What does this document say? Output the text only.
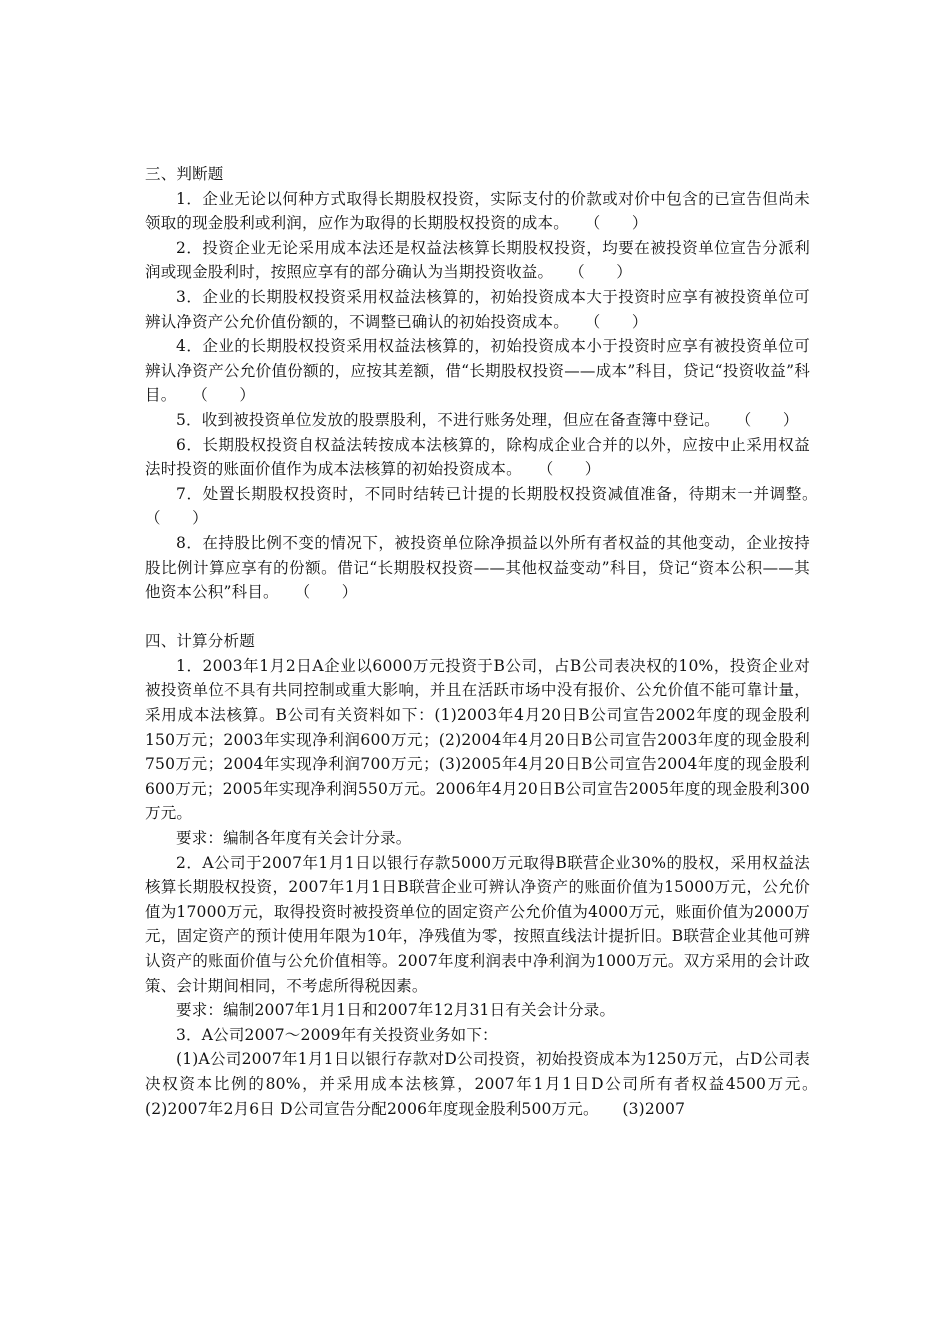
三、判断题

1．企业无论以何种方式取得长期股权投资，实际支付的价款或对价中包含的已宣告但尚未领取的现金股利或利润，应作为取得的长期股权投资的成本。　　（　　）

2．投资企业无论采用成本法还是权益法核算长期股权投资，均要在被投资单位宣告分派利润或现金股利时，按照应享有的部分确认为当期投资收益。　　（　　）

3．企业的长期股权投资采用权益法核算的，初始投资成本大于投资时应享有被投资单位可辨认净资产公允价值份额的，不调整已确认的初始投资成本。　　（　　）

4．企业的长期股权投资采用权益法核算的，初始投资成本小于投资时应享有被投资单位可辨认净资产公允价值份额的，应按其差额，借“长期股权投资——成本”科目，贷记“投资收益”科目。　　（　　）

5．收到被投资单位发放的股票股利，不进行账务处理，但应在备查簿中登记。　　（　　）

6．长期股权投资自权益法转按成本法核算的，除构成企业合并的以外，应按中止采用权益法时投资的账面价值作为成本法核算的初始投资成本。　　（　　）

7．处置长期股权投资时，不同时结转已计提的长期股权投资减值准备，待期末一并调整。　　（　　）

8．在持股比例不变的情况下，被投资单位除净损益以外所有者权益的其他变动，企业按持股比例计算应享有的份额。借记“长期股权投资——其他权益变动”科目，贷记“资本公积——其他资本公积”科目。　　（　　）

四、计算分析题

1．2003年1月2日A企业以6000万元投资于B公司，占B公司表决权的10%，投资企业对被投资单位不具有共同控制或重大影响，并且在活跃市场中没有报价、公允价值不能可靠计量，采用成本法核算。B公司有关资料如下：(1)2003年4月20日B公司宣告2002年度的现金股利150万元；2003年实现净利润600万元；(2)2004年4月20日B公司宣告2003年度的现金股利750万元；2004年实现净利润700万元；(3)2005年4月20日B公司宣告2004年度的现金股利600万元；2005年实现净利润550万元。2006年4月20日B公司宣告2005年度的现金股利300万元。

要求：编制各年度有关会计分录。

2．A公司于2007年1月1日以银行存款5000万元取得B联营企业30%的股权，采用权益法核算长期股权投资，2007年1月1日B联营企业可辨认净资产的账面价值为15000万元，公允价值为17000万元，取得投资时被投资单位的固定资产公允价值为4000万元，账面价值为2000万元，固定资产的预计使用年限为10年，净残值为零，按照直线法计提折旧。B联营企业其他可辨认资产的账面价值与公允价值相等。2007年度利润表中净利润为1000万元。双方采用的会计政策、会计期间相同，不考虑所得税因素。

要求：编制2007年1月1日和2007年12月31日有关会计分录。

3．A公司2007～2009年有关投资业务如下：

(1)A公司2007年1月1日以银行存款对D公司投资，初始投资成本为1250万元，占D公司表决权资本比例的80%，并采用成本法核算，2007年1月1日D公司所有者权益4500万元。　　(2)2007年2月6日 D公司宣告分配2006年度现金股利500万元。　　(3)2007
